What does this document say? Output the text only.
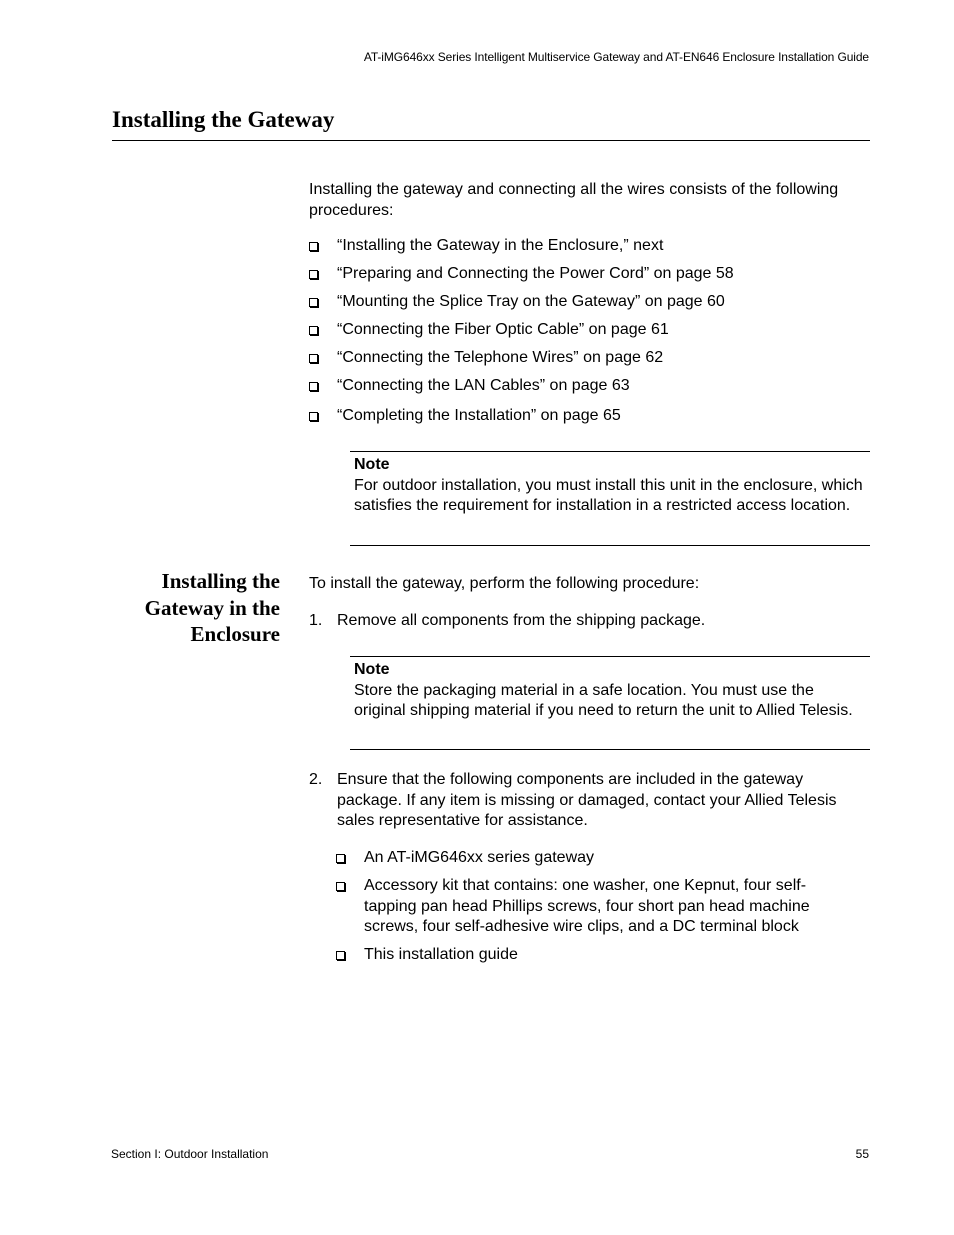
AT-iMG646xx Series Intelligent Multiservice Gateway and AT-EN646 Enclosure Installation Guide
Installing the Gateway

Installing the gateway and connecting all the wires consists of the following procedures:

“Installing the Gateway in the Enclosure,” next
“Preparing and Connecting the Power Cord” on page 58
“Mounting the Splice Tray on the Gateway” on page 60
“Connecting the Fiber Optic Cable” on page 61
“Connecting the Telephone Wires” on page 62
“Connecting the LAN Cables” on page 63
“Completing the Installation” on page 65
Note
For outdoor installation, you must install this unit in the enclosure, which satisfies the requirement for installation in a restricted access location.
Installing the
Gateway in the
Enclosure

To install the gateway, perform the following procedure:

1. Remove all components from the shipping package.
Note
Store the packaging material in a safe location. You must use the original shipping material if you need to return the unit to Allied Telesis.
2. Ensure that the following components are included in the gateway package. If any item is missing or damaged, contact your Allied Telesis sales representative for assistance.
An AT-iMG646xx series gateway
Accessory kit that contains: one washer, one Kepnut, four self-tapping pan head Phillips screws, four short pan head machine screws, four self-adhesive wire clips, and a DC terminal block
This installation guide
Section I: Outdoor Installation	55
